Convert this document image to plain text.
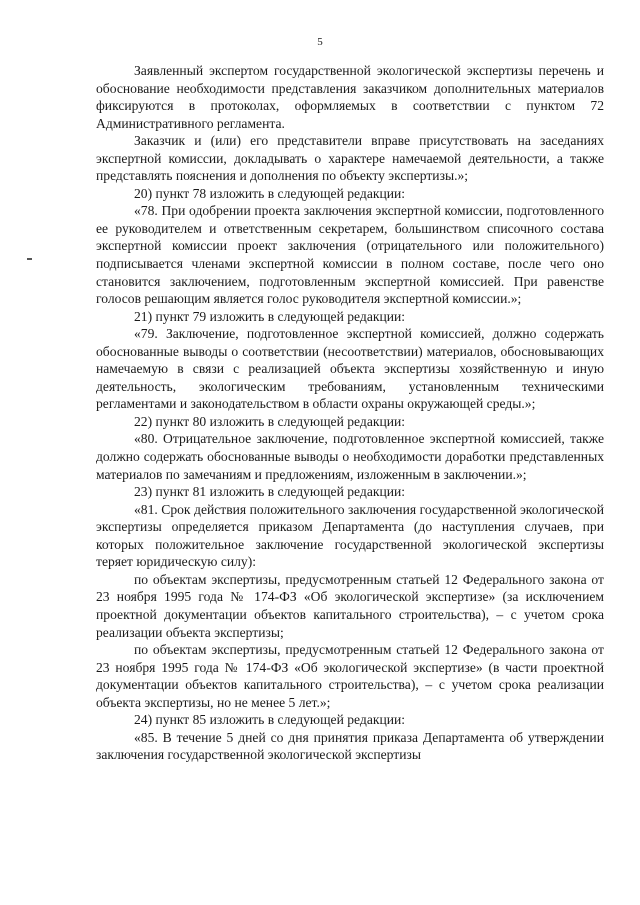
5

Заявленный экспертом государственной экологической экспертизы перечень и обоснование необходимости представления заказчиком дополнительных материалов фиксируются в протоколах, оформляемых в соответствии с пунктом 72 Административного регламента.

Заказчик и (или) его представители вправе присутствовать на заседаниях экспертной комиссии, докладывать о характере намечаемой деятельности, а также представлять пояснения и дополнения по объекту экспертизы.»;

20) пункт 78 изложить в следующей редакции:

«78. При одобрении проекта заключения экспертной комиссии, подготовленного ее руководителем и ответственным секретарем, большинством списочного состава экспертной комиссии проект заключения (отрицательного или положительного) подписывается членами экспертной комиссии в полном составе, после чего оно становится заключением, подготовленным экспертной комиссией. При равенстве голосов решающим является голос руководителя экспертной комиссии.»;

21) пункт 79 изложить в следующей редакции:

«79. Заключение, подготовленное экспертной комиссией, должно содержать обоснованные выводы о соответствии (несоответствии) материалов, обосновывающих намечаемую в связи с реализацией объекта экспертизы хозяйственную и иную деятельность, экологическим требованиям, установленным техническими регламентами и законодательством в области охраны окружающей среды.»;

22) пункт 80 изложить в следующей редакции:

«80. Отрицательное заключение, подготовленное экспертной комиссией, также должно содержать обоснованные выводы о необходимости доработки представленных материалов по замечаниям и предложениям, изложенным в заключении.»;

23) пункт 81 изложить в следующей редакции:

«81. Срок действия положительного заключения государственной экологической экспертизы определяется приказом Департамента (до наступления случаев, при которых положительное заключение государственной экологической экспертизы теряет юридическую силу):

по объектам экспертизы, предусмотренным статьей 12 Федерального закона от 23 ноября 1995 года № 174-ФЗ «Об экологической экспертизе» (за исключением проектной документации объектов капитального строительства), – с учетом срока реализации объекта экспертизы;

по объектам экспертизы, предусмотренным статьей 12 Федерального закона от 23 ноября 1995 года № 174-ФЗ «Об экологической экспертизе» (в части проектной документации объектов капитального строительства), – с учетом срока реализации объекта экспертизы, но не менее 5 лет.»;

24) пункт 85 изложить в следующей редакции:

«85. В течение 5 дней со дня принятия приказа Департамента об утверждении заключения государственной экологической экспертизы
